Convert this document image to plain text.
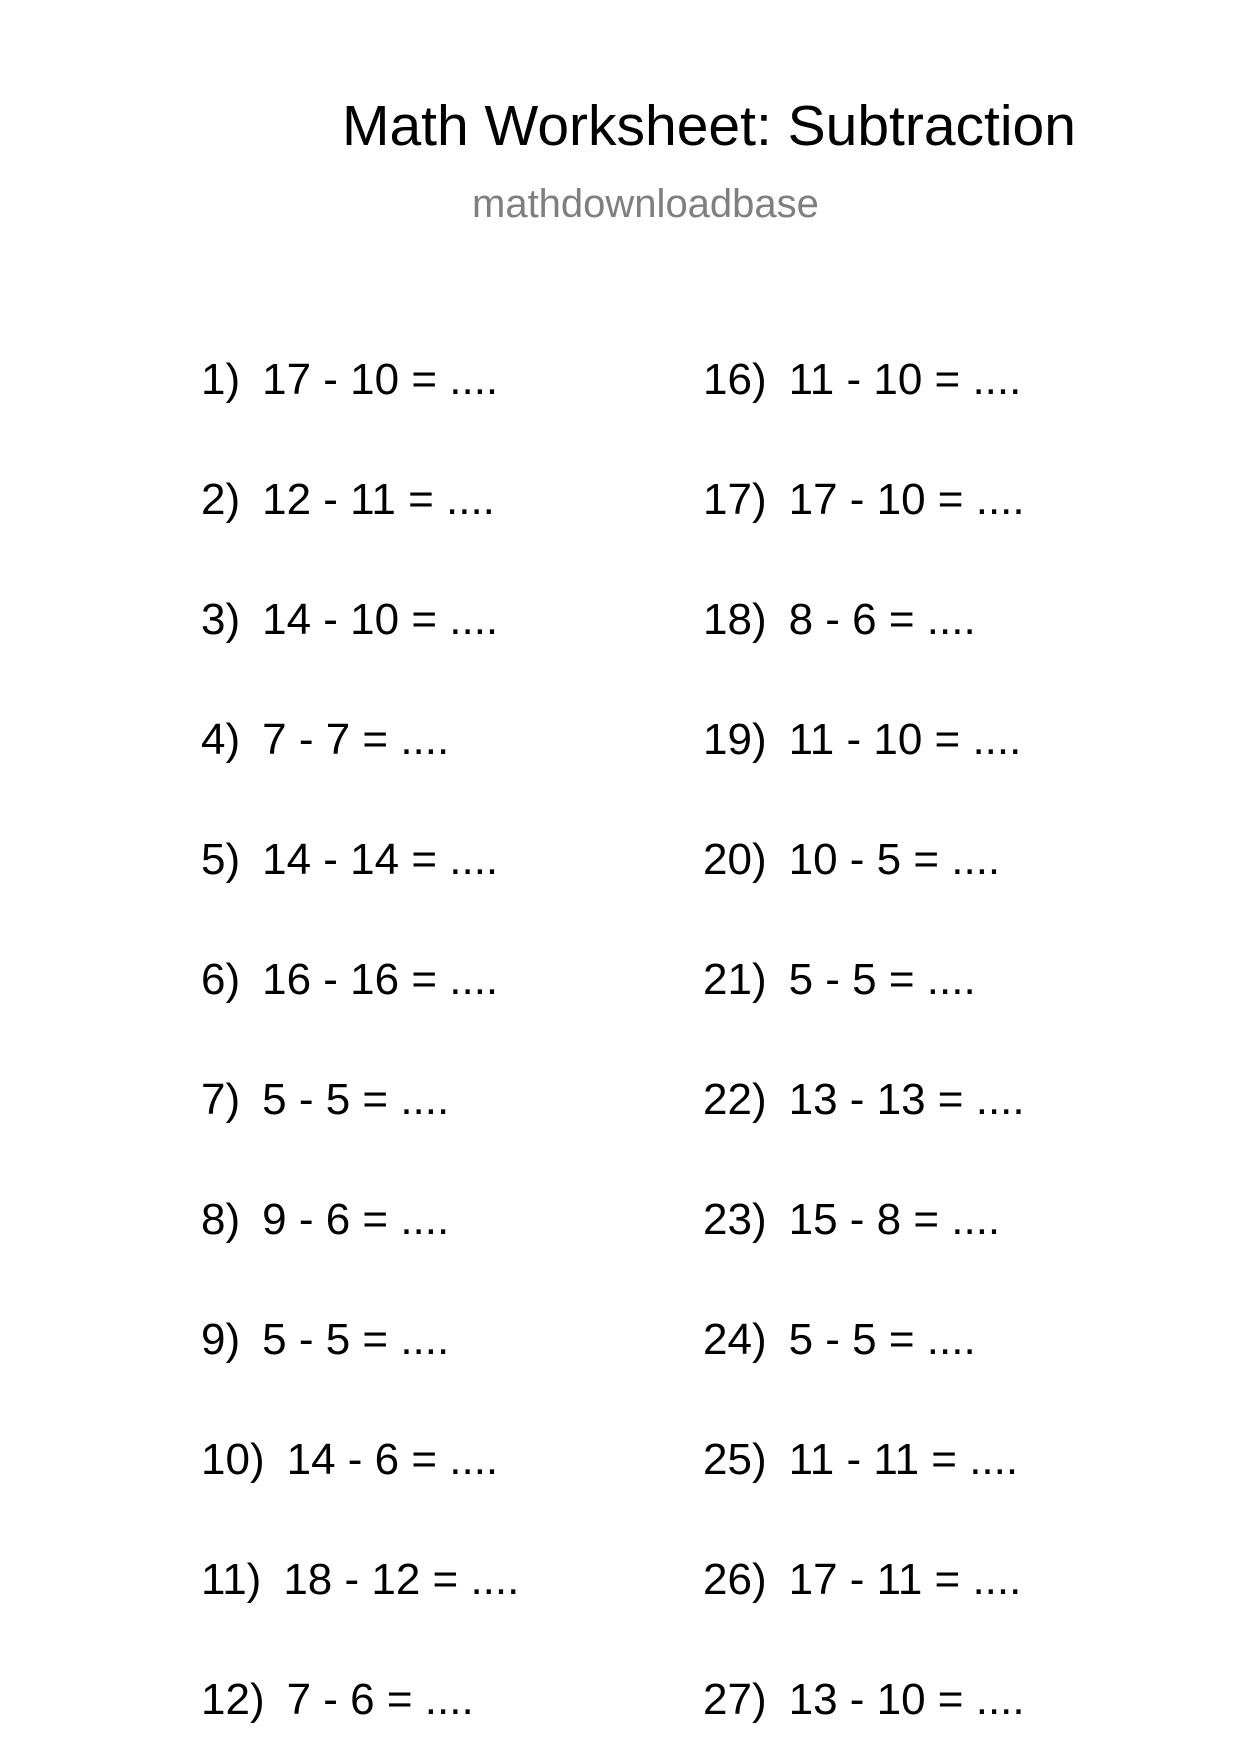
Math Worksheet: Subtraction
mathdownloadbase
1) 17 - 10 = ....
2) 12 - 11 = ....
3) 14 - 10 = ....
4) 7 - 7 = ....
5) 14 - 14 = ....
6) 16 - 16 = ....
7) 5 - 5 = ....
8) 9 - 6 = ....
9) 5 - 5 = ....
10) 14 - 6 = ....
11) 18 - 12 = ....
12) 7 - 6 = ....
16) 11 - 10 = ....
17) 17 - 10 = ....
18) 8 - 6 = ....
19) 11 - 10 = ....
20) 10 - 5 = ....
21) 5 - 5 = ....
22) 13 - 13 = ....
23) 15 - 8 = ....
24) 5 - 5 = ....
25) 11 - 11 = ....
26) 17 - 11 = ....
27) 13 - 10 = ....
